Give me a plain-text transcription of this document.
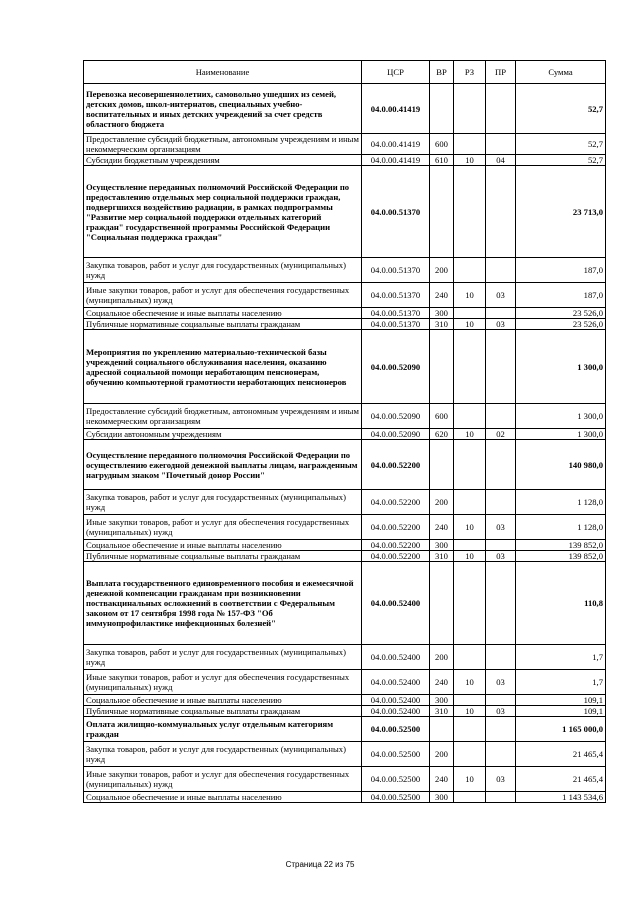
Наименование	ЦСР	ВР	РЗ	ПР	Сумма
Перевозка несовершеннолетних, самовольно ушедших из семей, детских домов, школ-интернатов, специальных учебно-воспитательных и иных детских учреждений за счет средств областного бюджета	04.0.00.41419				52,7
Предоставление субсидий бюджетным, автономным учреждениям и иным некоммерческим организациям	04.0.00.41419	600			52,7
Субсидии бюджетным учреждениям	04.0.00.41419	610	10	04	52,7
Осуществление переданных полномочий Российской Федерации по предоставлению отдельных мер социальной поддержки граждан, подвергшихся воздействию радиации, в рамках подпрограммы "Развитие мер социальной поддержки отдельных категорий граждан" государственной программы Российской Федерации "Социальная поддержка граждан"	04.0.00.51370				23 713,0
Закупка товаров, работ и услуг для государственных (муниципальных) нужд	04.0.00.51370	200			187,0
Иные закупки товаров, работ и услуг для обеспечения государственных (муниципальных) нужд	04.0.00.51370	240	10	03	187,0
Социальное обеспечение и иные выплаты населению	04.0.00.51370	300			23 526,0
Публичные нормативные социальные выплаты гражданам	04.0.00.51370	310	10	03	23 526,0
Мероприятия по укреплению материально-технической базы учреждений социального обслуживания населения, оказанию адресной социальной помощи неработающим пенсионерам, обучению компьютерной грамотности неработающих пенсионеров	04.0.00.52090				1 300,0
Предоставление субсидий бюджетным, автономным учреждениям и иным некоммерческим организациям	04.0.00.52090	600			1 300,0
Субсидии автономным учреждениям	04.0.00.52090	620	10	02	1 300,0
Осуществление переданного полномочия Российской Федерации по осуществлению ежегодной денежной выплаты лицам, награжденным нагрудным знаком "Почетный донор России"	04.0.00.52200				140 980,0
Закупка товаров, работ и услуг для государственных (муниципальных) нужд	04.0.00.52200	200			1 128,0
Иные закупки товаров, работ и услуг для обеспечения государственных (муниципальных) нужд	04.0.00.52200	240	10	03	1 128,0
Социальное обеспечение и иные выплаты населению	04.0.00.52200	300			139 852,0
Публичные нормативные социальные выплаты гражданам	04.0.00.52200	310	10	03	139 852,0
Выплата государственного единовременного пособия и ежемесячной денежной компенсации гражданам при возникновении поствакцинальных осложнений в соответствии с Федеральным законом от 17 сентября 1998 года № 157-ФЗ "Об иммунопрофилактике инфекционных болезней"	04.0.00.52400				110,8
Закупка товаров, работ и услуг для государственных (муниципальных) нужд	04.0.00.52400	200			1,7
Иные закупки товаров, работ и услуг для обеспечения государственных (муниципальных) нужд	04.0.00.52400	240	10	03	1,7
Социальное обеспечение и иные выплаты населению	04.0.00.52400	300			109,1
Публичные нормативные социальные выплаты гражданам	04.0.00.52400	310	10	03	109,1
Оплата жилищно-коммунальных услуг отдельным категориям граждан	04.0.00.52500				1 165 000,0
Закупка товаров, работ и услуг для государственных (муниципальных) нужд	04.0.00.52500	200			21 465,4
Иные закупки товаров, работ и услуг для обеспечения государственных (муниципальных) нужд	04.0.00.52500	240	10	03	21 465,4
Социальное обеспечение и иные выплаты населению	04.0.00.52500	300			1 143 534,6
Страница 22 из 75
